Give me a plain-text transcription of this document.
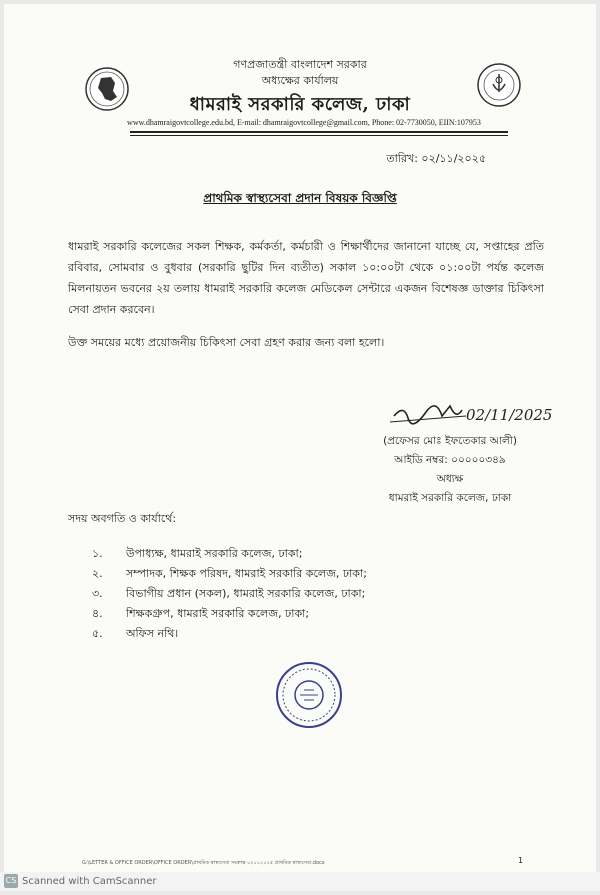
গণপ্রজাতন্ত্রী বাংলাদেশ সরকার
অধ্যক্ষের কার্যালয়
ধামরাই সরকারি কলেজ, ঢাকা
www.dhamraigovtcollege.edu.bd, E-mail: dhamraigovtcollege@gmail.com, Phone: 02-7730050, EIIN:107953
তারিখ: ০২/১১/২০২৫
প্রাথমিক স্বাস্থ্যসেবা প্রদান বিষয়ক বিজ্ঞপ্তি
ধামরাই সরকারি কলেজের সকল শিক্ষক, কর্মকর্তা, কর্মচারী ও শিক্ষার্থীদের জানানো যাচ্ছে যে, সপ্তাহের প্রতি রবিবার, সোমবার ও বুধবার (সরকারি ছুটির দিন ব্যতীত) সকাল ১০:০০টা থেকে ০১:০০টা পর্যন্ত কলেজ মিলনায়তন ভবনের ২য় তলায় ধামরাই সরকারি কলেজ মেডিকেল সেন্টারে একজন বিশেষজ্ঞ ডাক্তার চিকিৎসা সেবা প্রদান করবেন।
উক্ত সময়ের মধ্যে প্রয়োজনীয় চিকিৎসা সেবা গ্রহণ করার জন্য বলা হলো।
02/11/2025
(প্রফেসর মোঃ ইফতেকার আলী)
আইডি নম্বর: ০০০০০৩৪৯
অধ্যক্ষ
ধামরাই সরকারি কলেজ, ঢাকা
সদয় অবগতি ও কার্যার্থে:
১.	উপাধ্যক্ষ, ধামরাই সরকারি কলেজ, ঢাকা;
২.	সম্পাদক, শিক্ষক পরিষদ, ধামরাই সরকারি কলেজ, ঢাকা;
৩.	বিভাগীয় প্রধান (সকল), ধামরাই সরকারি কলেজ, ঢাকা;
৪.	শিক্ষকগ্রুপ, ধামরাই সরকারি কলেজ, ঢাকা;
৫.	অফিস নথি।
G:\LETTER & OFFICE ORDER\OFFICE ORDER\প্রাথমিক স্বাস্থ্যসেবা সংক্রান্ত ০২১১২০২৫ প্রাথমিক স্বাস্থ্যসেবা.docx	1
CS Scanned with CamScanner
